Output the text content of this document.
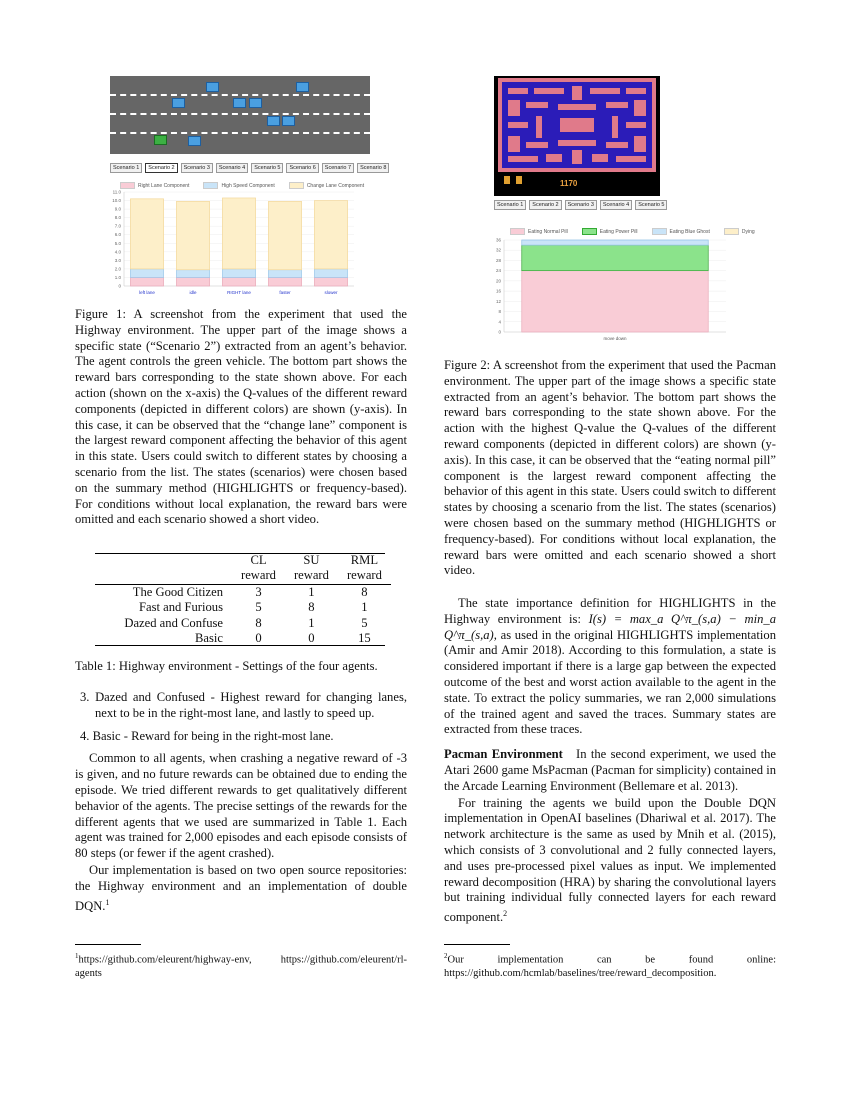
Scenario 1	Scenario 2	Scenario 3	Scenario 4	Scenario 5	Scenario 6	Scenario 7	Scenario 8
Right Lane Component	High Speed Component	Change Lane Component
11.0
10.0
9.0
8.0
7.0
6.0
5.0
4.0
3.0
2.0
1.0
0
left lane	idle	RIGHT lane	faster	slower
Figure 1: A screenshot from the experiment that used the Highway environment. The upper part of the image shows a specific state (“Scenario 2”) extracted from an agent’s behavior. The agent controls the green vehicle. The bottom part shows the reward bars corresponding to the state shown above. For each action (shown on the x-axis) the Q-values of the different reward components (depicted in different colors) are shown (y-axis). In this case, it can be observed that the “change lane” component is the largest reward component affecting the behavior of this agent in this state. Users could switch to different states by choosing a scenario from the list. The states (scenarios) were chosen based on the summary method (HIGHLIGHTS or frequency-based). For conditions without local explanation, the reward bars were omitted and each scenario showed a short video.
	CL	SU	RML

	reward	reward	reward
The Good Citizen	3	1	8
Fast and Furious	5	8	1
Dazed and Confuse	8	1	5
Basic	0	0	15
Table 1: Highway environment - Settings of the four agents.

3. Dazed and Confused - Highest reward for changing lanes, next to be in the right-most lane, and lastly to speed up.

4. Basic - Reward for being in the right-most lane.

Common to all agents, when crashing a negative reward of -3 is given, and no future rewards can be obtained due to ending the episode. We tried different rewards to get qualitatively different behavior of the agents. The precise settings of the rewards for the different agents that we used are summarized in Table 1. Each agent was trained for 2,000 episodes and each episode consists of 80 steps (or fewer if the agent crashed).

Our implementation is based on two open source repositories: the Highway environment and an implementation of double DQN.$^1$

$^1$https://github.com/eleurent/highway-env, https://github.com/eleurent/rl-agents
1170
Scenario 1	Scenario 2	Scenario 3	Scenario 4	Scenario 5
Eating Normal Pill	Eating Power Pill	Eating Blue Ghost	Dying
36
32
28
24
20
16
12
8
4
0
move down
Figure 2: A screenshot from the experiment that used the Pacman environment. The upper part of the image shows a specific state extracted from an agent’s behavior. The bottom part shows the reward bars corresponding to the state shown above. For the action with the highest Q-value the Q-values of the different reward components (depicted in different colors) are shown (y-axis). In this case, it can be observed that the “eating normal pill” component is the largest reward component affecting the behavior of this agent in this state. Users could switch to different states by choosing a scenario from the list. The states (scenarios) were chosen based on the summary method (HIGHLIGHTS or frequency-based). For conditions without local explanation, the reward bars were omitted and each scenario showed a short video.

The state importance definition for HIGHLIGHTS in the Highway environment is: I(s) = max_a Q^π_(s,a) − min_a Q^π_(s,a), as used in the original HIGHLIGHTS implementation (Amir and Amir 2018). According to this formulation, a state is considered important if there is a large gap between the expected outcome of the best and worst action available to the agent in the state. To extract the policy summaries, we ran 2,000 simulations of the trained agent and saved the traces. Summary states are extracted from these traces.

Pacman Environment In the second experiment, we used the Atari 2600 game MsPacman (Pacman for simplicity) contained in the Arcade Learning Environment (Bellemare et al. 2013).

For training the agents we build upon the Double DQN implementation in OpenAI baselines (Dhariwal et al. 2017). The network architecture is the same as used by Mnih et al. (2015), which consists of 3 convolutional and 2 fully connected layers, and uses pre-processed pixel values as input. We implemented reward decomposition (HRA) by sharing the convolutional layers but training individual fully connected layers for each reward component.$^2$

$^2$Our implementation can be found online: https://github.com/hcmlab/baselines/tree/reward_decomposition.
